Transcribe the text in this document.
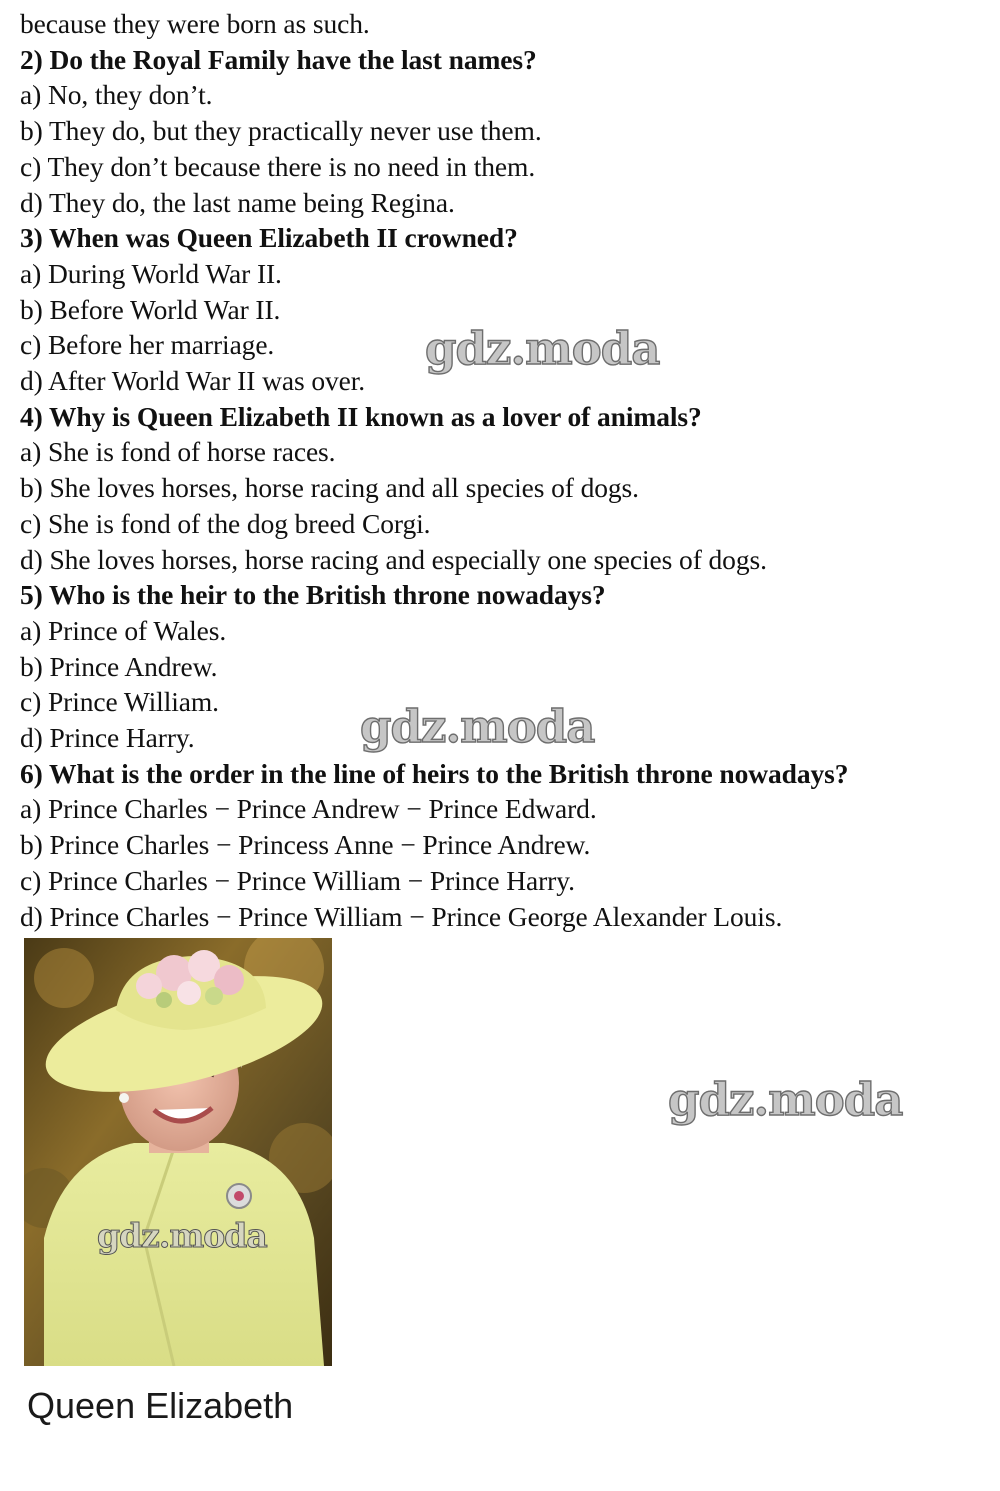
because they were born as such.
2) Do the Royal Family have the last names?
a) No, they don’t.
b) They do, but they practically never use them.
c) They don’t because there is no need in them.
d) They do, the last name being Regina.
3) When was Queen Elizabeth II crowned?
a) During World War II.
b) Before World War II.
c) Before her marriage.
d) After World War II was over.
4) Why is Queen Elizabeth II known as a lover of animals?
a) She is fond of horse races.
b) She loves horses, horse racing and all species of dogs.
c) She is fond of the dog breed Corgi.
d) She loves horses, horse racing and especially one species of dogs.
5) Who is the heir to the British throne nowadays?
a) Prince of Wales.
b) Prince Andrew.
c) Prince William.
d) Prince Harry.
6) What is the order in the line of heirs to the British throne nowadays?
a) Prince Charles − Prince Andrew − Prince Edward.
b) Prince Charles − Princess Anne − Prince Andrew.
c) Prince Charles − Prince William − Prince Harry.
d) Prince Charles − Prince William − Prince George Alexander Louis.
Queen Elizabeth
gdz.moda
gdz.moda
gdz.moda
gdz.moda
